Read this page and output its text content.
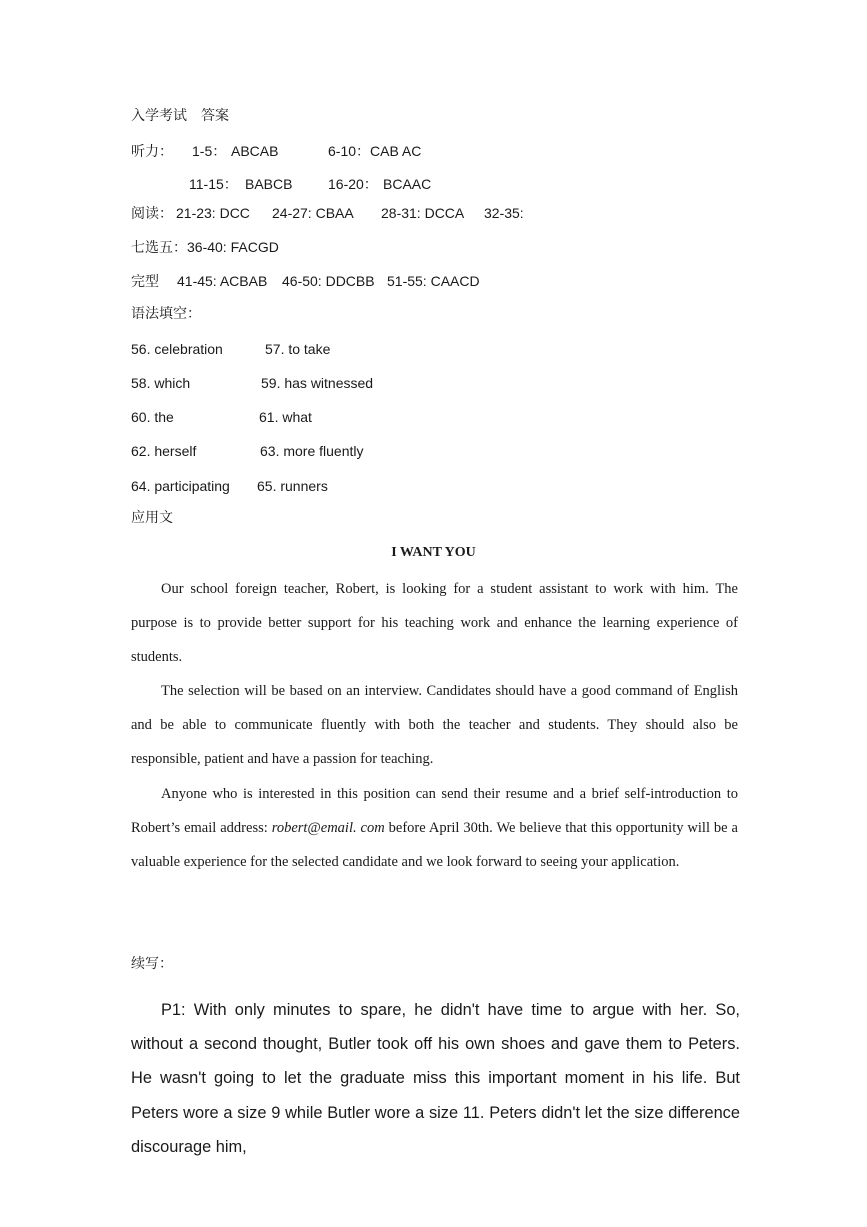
入学考试 答案
听力： 1-5： ABCAB	6-10： CAB AC
11-15： BABCB	16-20： BCAAC
阅读： 21-23: DCC 24-27: CBAA 28-31: DCCA 32-35:
七选五：36-40: FACGD
完型 41-45: ACBAB 46-50: DDCBB 51-55: CAACD
语法填空：
56. celebration	57. to take
58. which	59. has witnessed
60. the	61. what
62. herself	63. more fluently
64. participating 65. runners
应用文
I WANT YOU
Our school foreign teacher, Robert, is looking for a student assistant to work with him. The purpose is to provide better support for his teaching work and enhance the learning experience of students.
The selection will be based on an interview. Candidates should have a good command of English and be able to communicate fluently with both the teacher and students. They should also be responsible, patient and have a passion for teaching.
Anyone who is interested in this position can send their resume and a brief self-introduction to Robert’s email address: robert@email. com before April 30th. We believe that this opportunity will be a valuable experience for the selected candidate and we look forward to seeing your application.
续写：
P1: With only minutes to spare, he didn't have time to argue with her. So, without a second thought, Butler took off his own shoes and gave them to Peters. He wasn't going to let the graduate miss this important moment in his life. But Peters wore a size 9 while Butler wore a size 11. Peters didn't let the size difference discourage him,
